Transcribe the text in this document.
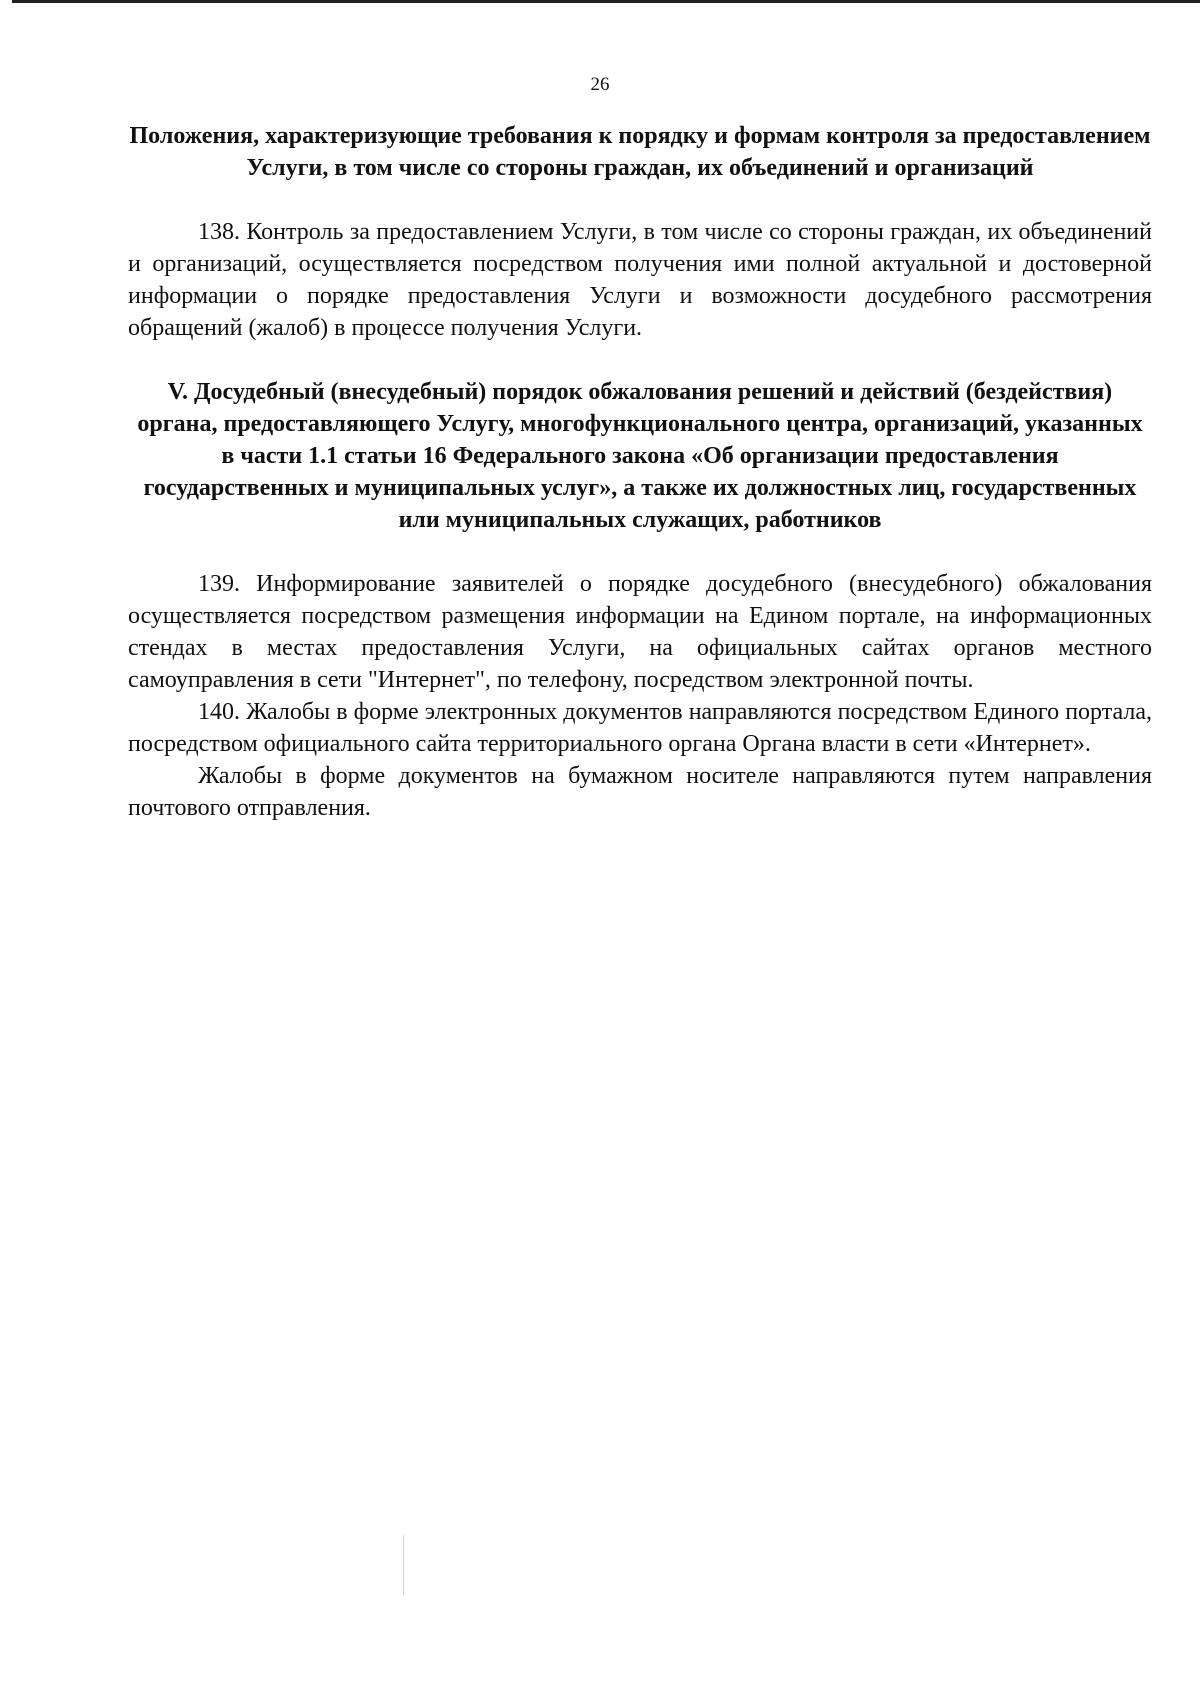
26

Положения, характеризующие требования к порядку и формам контроля за предоставлением Услуги, в том числе со стороны граждан, их объединений и организаций

138. Контроль за предоставлением Услуги, в том числе со стороны граждан, их объединений и организаций, осуществляется посредством получения ими полной актуальной и достоверной информации о порядке предоставления Услуги и возможности досудебного рассмотрения обращений (жалоб) в процессе получения Услуги.

V. Досудебный (внесудебный) порядок обжалования решений и действий (бездействия) органа, предоставляющего Услугу, многофункционального центра, организаций, указанных в части 1.1 статьи 16 Федерального закона «Об организации предоставления государственных и муниципальных услуг», а также их должностных лиц, государственных или муниципальных служащих, работников

139. Информирование заявителей о порядке досудебного (внесудебного) обжалования осуществляется посредством размещения информации на Едином портале, на информационных стендах в местах предоставления Услуги, на официальных сайтах органов местного самоуправления в сети "Интернет", по телефону, посредством электронной почты.

140. Жалобы в форме электронных документов направляются посредством Единого портала, посредством официального сайта территориального органа Органа власти в сети «Интернет».

Жалобы в форме документов на бумажном носителе направляются путем направления почтового отправления.
